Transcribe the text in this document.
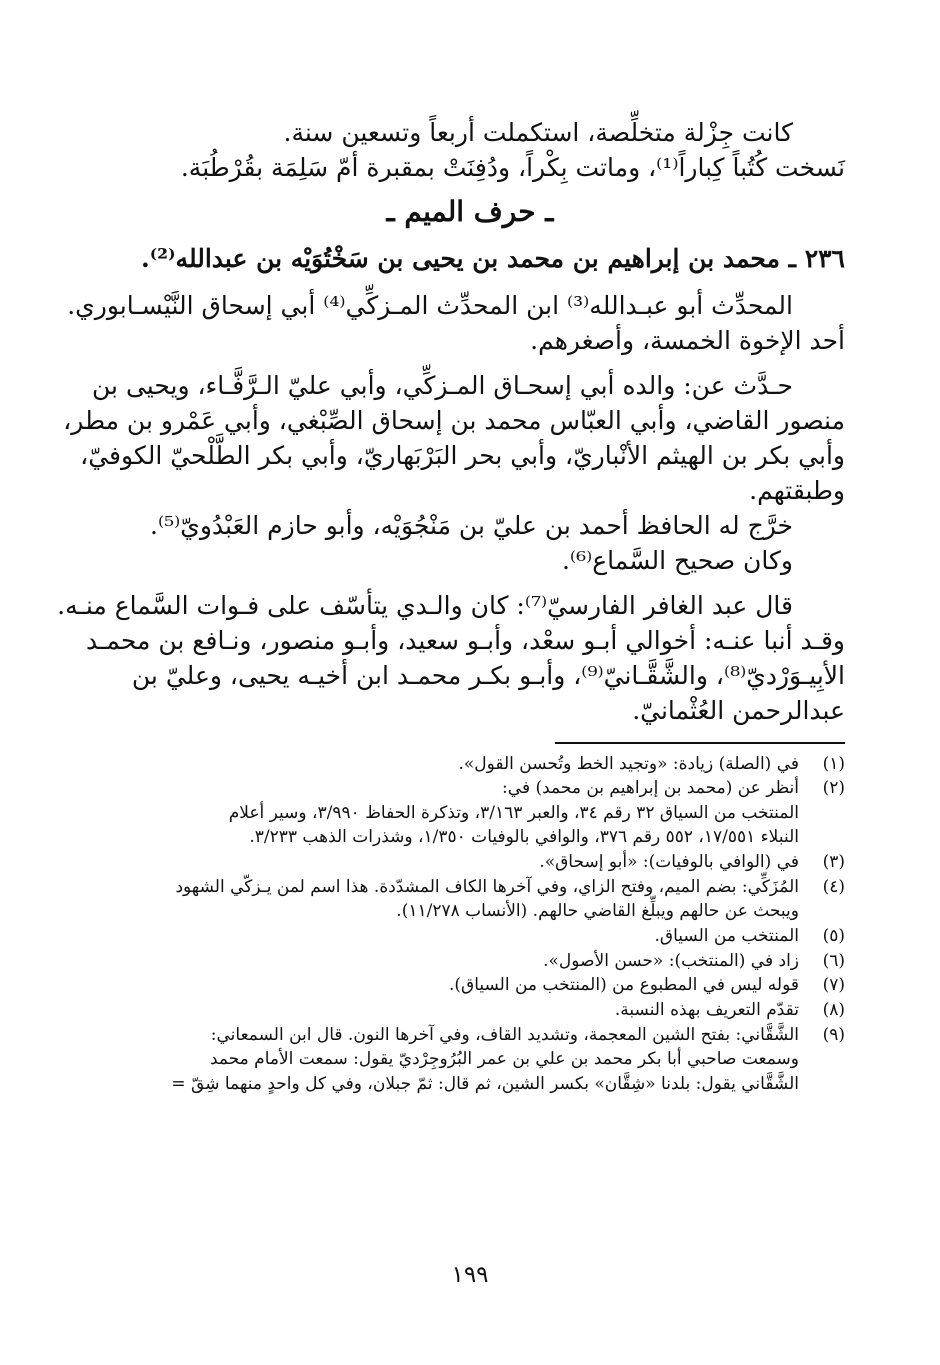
كانت جِزْلة متخلِّصة، استكملت أربعاً وتسعين سنة.
نَسخت كُتُباً كِباراً⁽¹⁾، وماتت بِكْراً، ودُفِنَتْ بمقبرة أمّ سَلِمَة بقُرْطُبَة.
ـ حرف الميم ـ
٢٣٦ ـ محمد بن إبراهيم بن محمد بن يحيى بن سَخْتُوَيْه بن عبدالله⁽²⁾.
المحدِّث أبو عبـدالله⁽³⁾ ابن المحدِّث المـزكِّي⁽⁴⁾ أبي إسحاق النَّيْسـابوري.
أحد الإخوة الخمسة، وأصغرهم.
حـدَّث عن: والده أبي إسحـاق المـزكِّي، وأبي عليّ الـرَّفَّـاء، ويحيى بن
منصور القاضي، وأبي العبّاس محمد بن إسحاق الصِّبْغي، وأبي عَمْرو بن مطر،
وأبي بكر بن الهيثم الأنْباريّ، وأبي بحر البَرْبَهاريّ، وأبي بكر الطَّلْحيّ الكوفيّ،
وطبقتهم.
خرَّج له الحافظ أحمد بن عليّ بن مَنْجُوَيْه، وأبو حازم العَبْدُويّ⁽⁵⁾.
وكان صحيح السَّماع⁽⁶⁾.
قال عبد الغافر الفارسيّ⁽⁷⁾: كان والـدي يتأسّف على فـوات السَّماع منـه.
وقـد أنبا عنـه: أخوالي أبـو سعْد، وأبـو سعيد، وأبـو منصور، ونـافع بن محمـد
الأبِيـوَرْديّ⁽⁸⁾، والشَّقَّـانيّ⁽⁹⁾، وأبـو بكـر محمـد ابن أخيـه يحيى، وعليّ بن
عبدالرحمن العُثْمانيّ.
(١)
في (الصلة) زيادة: «وتجيد الخط وتُحسن القول».
(٢)
أنظر عن (محمد بن إبراهيم بن محمد) في:
المنتخب من السياق ٣٢ رقم ٣٤، والعبر ٣/١٦٣، وتذكرة الحفاظ ٣/٩٩٠، وسير أعلام
النبلاء ١٧/٥٥١، ٥٥٢ رقم ٣٧٦، والوافي بالوفيات ١/٣٥٠، وشذرات الذهب ٣/٢٣٣.
(٣)
في (الوافي بالوفيات): «أبو إسحاق».
(٤)
المُزَكِّي: بضم الميم، وفتح الزاي، وفي آخرها الكاف المشدّدة. هذا اسم لمن يـزكّي الشهود
ويبحث عن حالهم ويبلِّغ القاضي حالهم. (الأنساب ١١/٢٧٨).
(٥)
المنتخب من السياق.
(٦)
زاد في (المنتخب): «حسن الأصول».
(٧)
قوله ليس في المطبوع من (المنتخب من السياق).
(٨)
تقدّم التعريف بهذه النسبة.
(٩)
الشَّقَّاني: بفتح الشين المعجمة، وتشديد القاف، وفي آخرها النون. قال ابن السمعاني:
وسمعت صاحبي أبا بكر محمد بن علي بن عمر البُرُوجِرْديّ يقول: سمعت الأمام محمد
الشَّقَّاني يقول: بلدنا «شِقَّان» بكسر الشين، ثم قال: ثمّ جبلان، وفي كل واحدٍ منهما شِقّ =
١٩٩
